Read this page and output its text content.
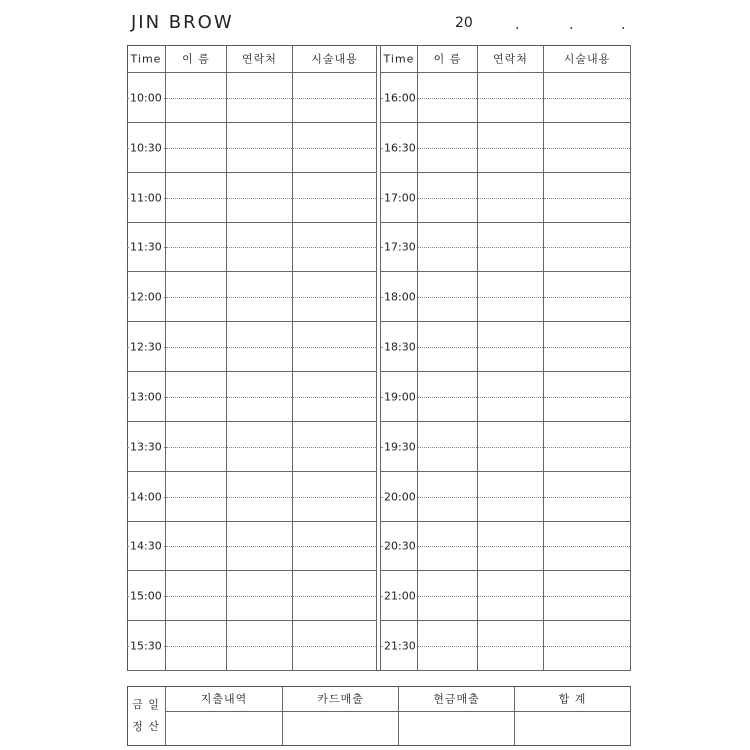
JIN BROW	20	.	.	.
금 일
정 산
지출내역	카드매출	현금매출	합 계
Time	이 름	연락처	시술내용
10:00
10:30
11:00
11:30
12:00
12:30
13:00
13:30
14:00
14:30
15:00
15:30
Time	이 름	연락처	시술내용
16:00
16:30
17:00
17:30
18:00
18:30
19:00
19:30
20:00
20:30
21:00
21:30
